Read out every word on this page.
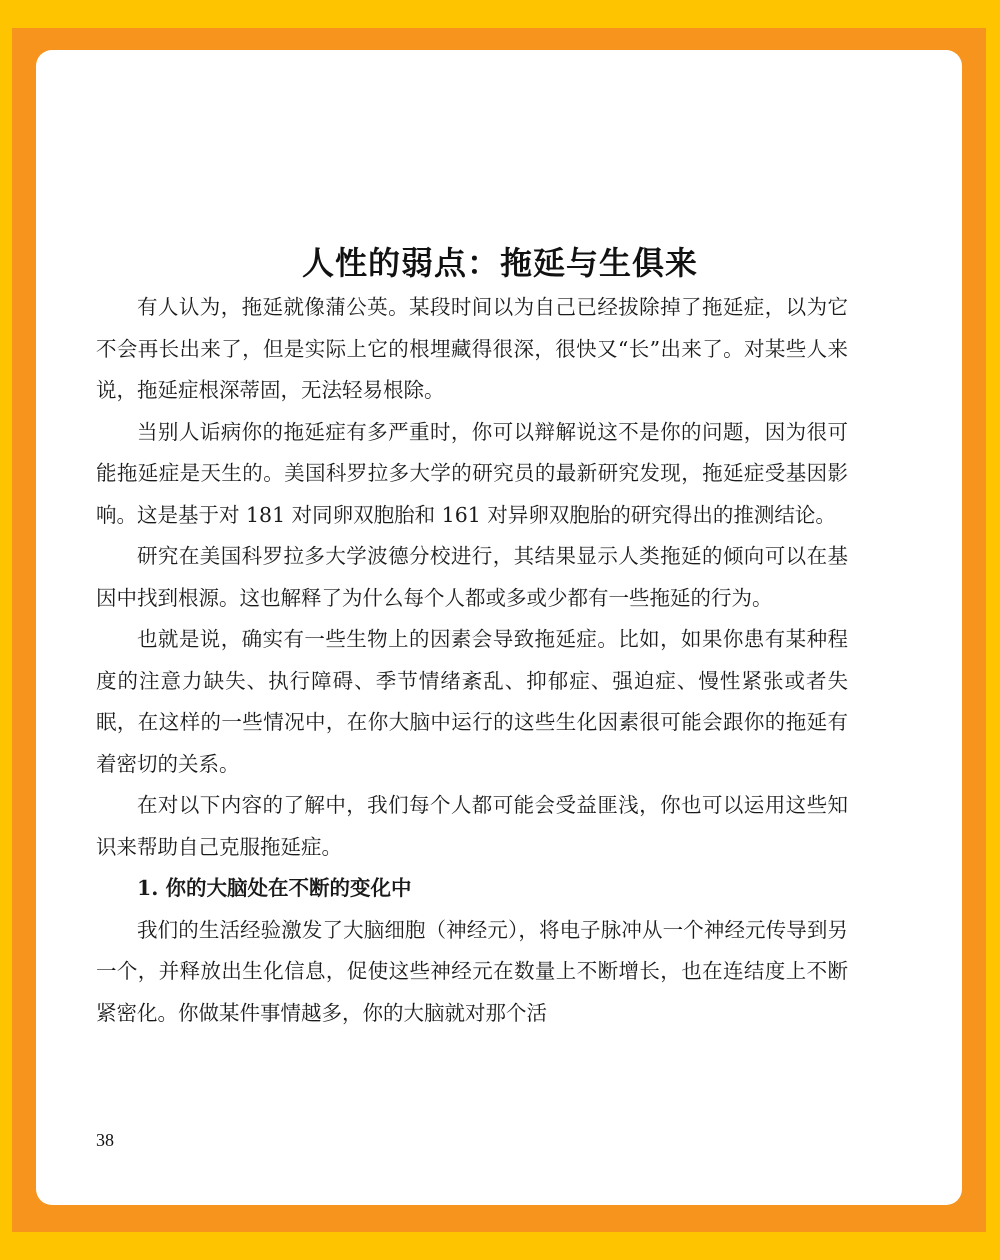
人性的弱点：拖延与生俱来

有人认为，拖延就像蒲公英。某段时间以为自己已经拔除掉了拖延症，以为它不会再长出来了，但是实际上它的根埋藏得很深，很快又“长”出来了。对某些人来说，拖延症根深蒂固，无法轻易根除。

当别人诟病你的拖延症有多严重时，你可以辩解说这不是你的问题，因为很可能拖延症是天生的。美国科罗拉多大学的研究员的最新研究发现，拖延症受基因影响。这是基于对 181 对同卵双胞胎和 161 对异卵双胞胎的研究得出的推测结论。

研究在美国科罗拉多大学波德分校进行，其结果显示人类拖延的倾向可以在基因中找到根源。这也解释了为什么每个人都或多或少都有一些拖延的行为。

也就是说，确实有一些生物上的因素会导致拖延症。比如，如果你患有某种程度的注意力缺失、执行障碍、季节情绪紊乱、抑郁症、强迫症、慢性紧张或者失眠，在这样的一些情况中，在你大脑中运行的这些生化因素很可能会跟你的拖延有着密切的关系。

在对以下内容的了解中，我们每个人都可能会受益匪浅，你也可以运用这些知识来帮助自己克服拖延症。

1. 你的大脑处在不断的变化中

我们的生活经验激发了大脑细胞（神经元），将电子脉冲从一个神经元传导到另一个，并释放出生化信息，促使这些神经元在数量上不断增长，也在连结度上不断紧密化。你做某件事情越多，你的大脑就对那个活

38
